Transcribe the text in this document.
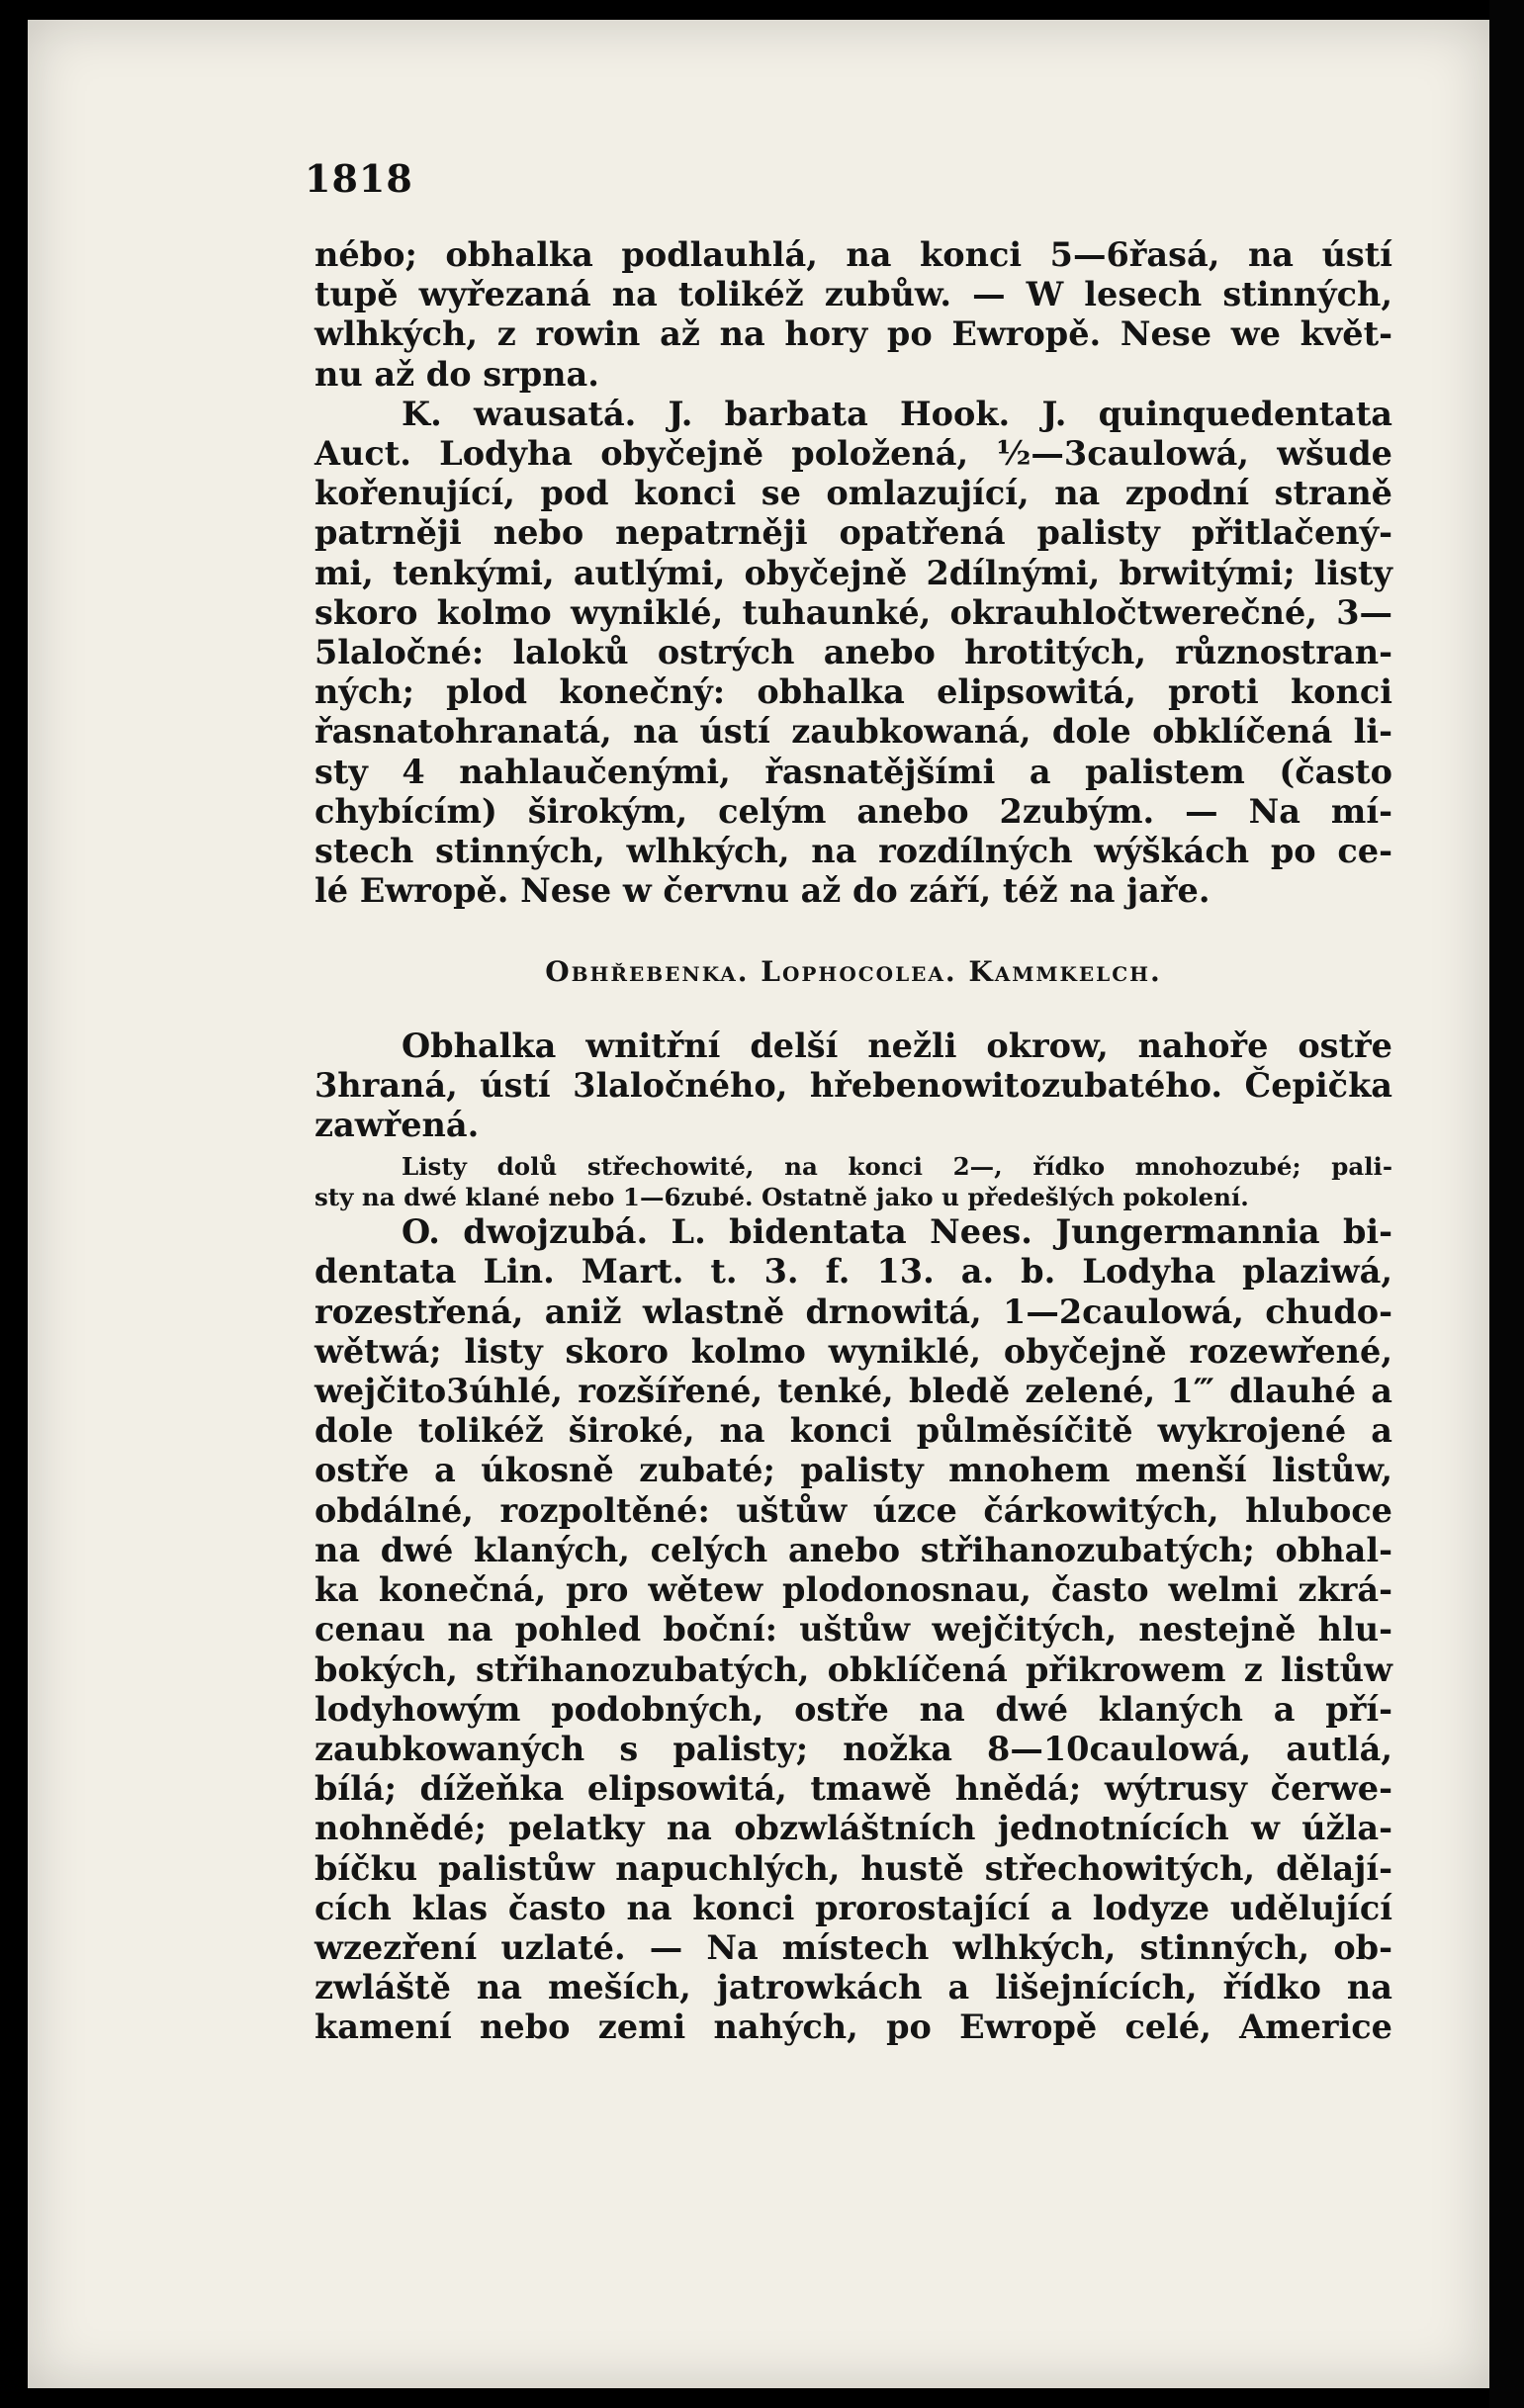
1818
nébo; obhalka podlauhlá, na konci 5—6řasá, na ústí
tupě wyřezaná na tolikéž zubůw. — W lesech stinných,
wlhkých, z rowin až na hory po Ewropě. Nese we květ-
nu až do srpna.
K. wausatá. J. barbata Hook. J. quinquedentata
Auct. Lodyha obyčejně položená, ½—3caulowá, wšude
kořenující, pod konci se omlazující, na zpodní straně
patrněji nebo nepatrněji opatřená palisty přitlačený-
mi, tenkými, autlými, obyčejně 2dílnými, brwitými; listy
skoro kolmo wyniklé, tuhaunké, okrauhločtwerečné, 3—
5laločné: laloků ostrých anebo hrotitých, různostran-
ných; plod konečný: obhalka elipsowitá, proti konci
řasnatohranatá, na ústí zaubkowaná, dole obklíčená li-
sty 4 nahlaučenými, řasnatějšími a palistem (často
chybícím) širokým, celým anebo 2zubým. — Na mí-
stech stinných, wlhkých, na rozdílných wýškách po ce-
lé Ewropě. Nese w červnu až do září, též na jaře.
Obhřebenka. Lophocolea. Kammkelch.
Obhalka wnitřní delší nežli okrow, nahoře ostře
3hraná, ústí 3laločného, hřebenowitozubatého. Čepička
zawřená.
Listy dolů střechowité, na konci 2—, řídko mnohozubé; pali-
sty na dwé klané nebo 1—6zubé. Ostatně jako u předešlých pokolení.
O. dwojzubá. L. bidentata Nees. Jungermannia bi-
dentata Lin. Mart. t. 3. f. 13. a. b. Lodyha plaziwá,
rozestřená, aniž wlastně drnowitá, 1—2caulowá, chudo-
wětwá; listy skoro kolmo wyniklé, obyčejně rozewřené,
wejčito3úhlé, rozšířené, tenké, bledě zelené, 1‴ dlauhé a
dole tolikéž široké, na konci půlměsíčitě wykrojené a
ostře a úkosně zubaté; palisty mnohem menší listůw,
obdálné, rozpoltěné: uštůw úzce čárkowitých, hluboce
na dwé klaných, celých anebo střihanozubatých; obhal-
ka konečná, pro wětew plodonosnau, často welmi zkrá-
cenau na pohled boční: uštůw wejčitých, nestejně hlu-
bokých, střihanozubatých, obklíčená přikrowem z listůw
lodyhowým podobných, ostře na dwé klaných a pří-
zaubkowaných s palisty; nožka 8—10caulowá, autlá,
bílá; dížeňka elipsowitá, tmawě hnědá; wýtrusy čerwe-
nohnědé; pelatky na obzwláštních jednotnících w úžla-
bíčku palistůw napuchlých, hustě střechowitých, dělají-
cích klas často na konci prorostající a lodyze udělující
wzezření uzlaté. — Na místech wlhkých, stinných, ob-
zwláště na meších, jatrowkách a lišejnících, řídko na
kamení nebo zemi nahých, po Ewropě celé, Americe
